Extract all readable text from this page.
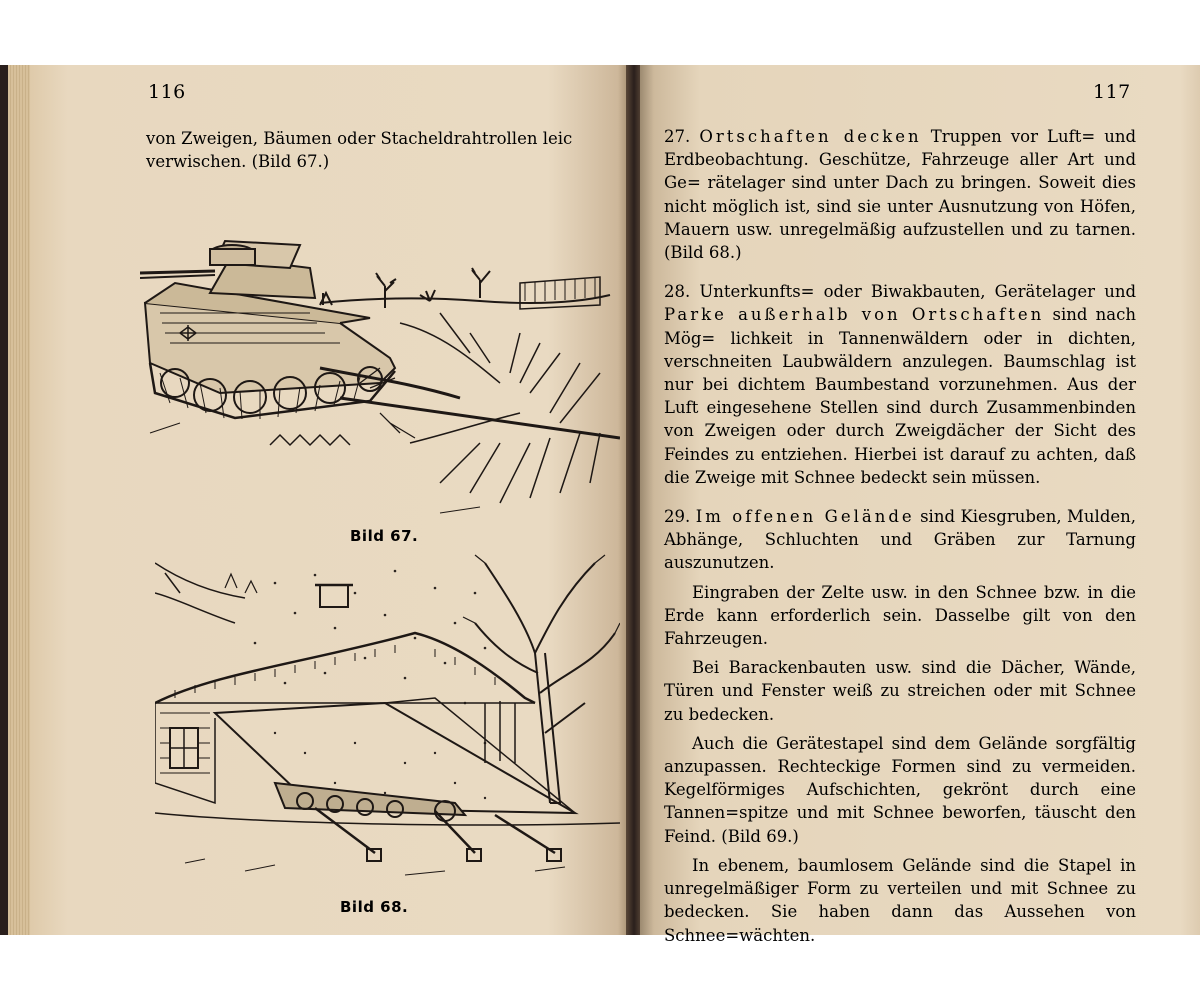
116

von Zweigen, Bäumen oder Stacheldrahtrollen leic

verwischen. (Bild 67.)

Bild 67.
Bild 68.
117

27. Ortschaften decken Truppen vor Luft= und Erdbeobachtung. Geschütze, Fahrzeuge aller Art und Ge= rätelager sind unter Dach zu bringen. Soweit dies nicht möglich ist, sind sie unter Ausnutzung von Höfen, Mauern usw. unregelmäßig aufzustellen und zu tarnen. (Bild 68.)

28. Unterkunfts= oder Biwakbauten, Gerätelager und Parke außerhalb von Ortschaften sind nach Mög= lichkeit in Tannenwäldern oder in dichten, verschneiten Laubwäldern anzulegen. Baumschlag ist nur bei dichtem Baumbestand vorzunehmen. Aus der Luft eingesehene Stellen sind durch Zusammenbinden von Zweigen oder durch Zweigdächer der Sicht des Feindes zu entziehen. Hierbei ist darauf zu achten, daß die Zweige mit Schnee bedeckt sein müssen.

29. Im offenen Gelände sind Kiesgruben, Mulden, Abhänge, Schluchten und Gräben zur Tarnung auszunutzen.

Eingraben der Zelte usw. in den Schnee bzw. in die Erde kann erforderlich sein. Dasselbe gilt von den Fahrzeugen.

Bei Barackenbauten usw. sind die Dächer, Wände, Türen und Fenster weiß zu streichen oder mit Schnee zu bedecken.

Auch die Gerätestapel sind dem Gelände sorgfältig anzupassen. Rechteckige Formen sind zu vermeiden. Kegelförmiges Aufschichten, gekrönt durch eine Tannen=spitze und mit Schnee beworfen, täuscht den Feind. (Bild 69.)

In ebenem, baumlosem Gelände sind die Stapel in unregelmäßiger Form zu verteilen und mit Schnee zu bedecken. Sie haben dann das Aussehen von Schnee=wächten.
